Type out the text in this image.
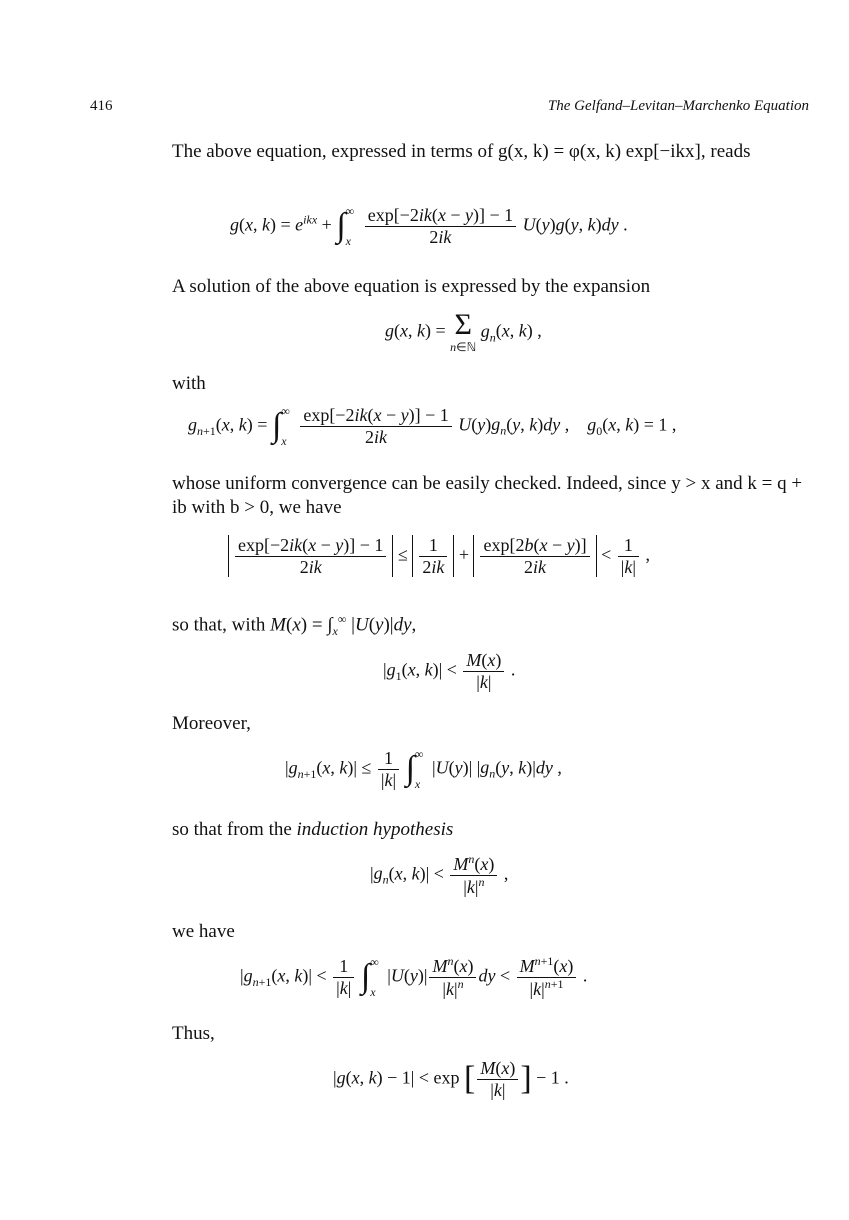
416	The Gelfand–Levitan–Marchenko Equation
The above equation, expressed in terms of g(x, k) = φ(x, k) exp[−ikx], reads
g(x, $k) = e^{ikx}$ + ∫ ∞
x
$\frac{\exp[-2ik(x - y)] - 1}{2ik} U(y)g(y$, k)dy .
A solution of the above equation is expressed by the expansion
g(x, k) = Σ
n∈ℕ
$g_n(x$, k) ,
with
$g_{n+1}(x$, k) = ∫ ∞
x
$\frac{\exp[-2ik(x - y)] - 1}{2ik} U(y)g_n(y$, k)dy ,    $g_0(x$, k) = 1 ,
whose uniform convergence can be easily checked. Indeed, since y > x and k = q + ib with b > 0, we have
$\frac{\exp[-2ik(x - y)] - 1}{2ik} \le \frac{1}{2ik} + \frac{\exp[2b(x - y)]}{2ik} < \frac{1}{|k|}$ ,
so that, with $M(x) = \int_x^\infty$ |U(y)|dy,
$|g_1(x$, $k)| < \frac{M(x)}{|k|}$ .
Moreover,
$|g_{n+1}(x$, $k)| \le \frac{1}{|k|}$ ∫ ∞
x
|U(y)| $|g_n(y$, k)|dy ,
so that from the induction hypothesis
$|g_n(x$, $k)| < \frac{M^n(x)}{|k|^n}$ ,
we have
$|g_{n+1}(x$, $k)| < \frac{1}{|k|}$ ∫ ∞
x
$|U(y)| \frac{M^n(x)}{|k|^n}$ dy < $\frac{M^{n+1}(x)}{|k|^{n+1}}$ .
Thus,
|g(x, k) − 1| < exp [ $\frac{M(x)}{|k|}$ ] − 1 .
